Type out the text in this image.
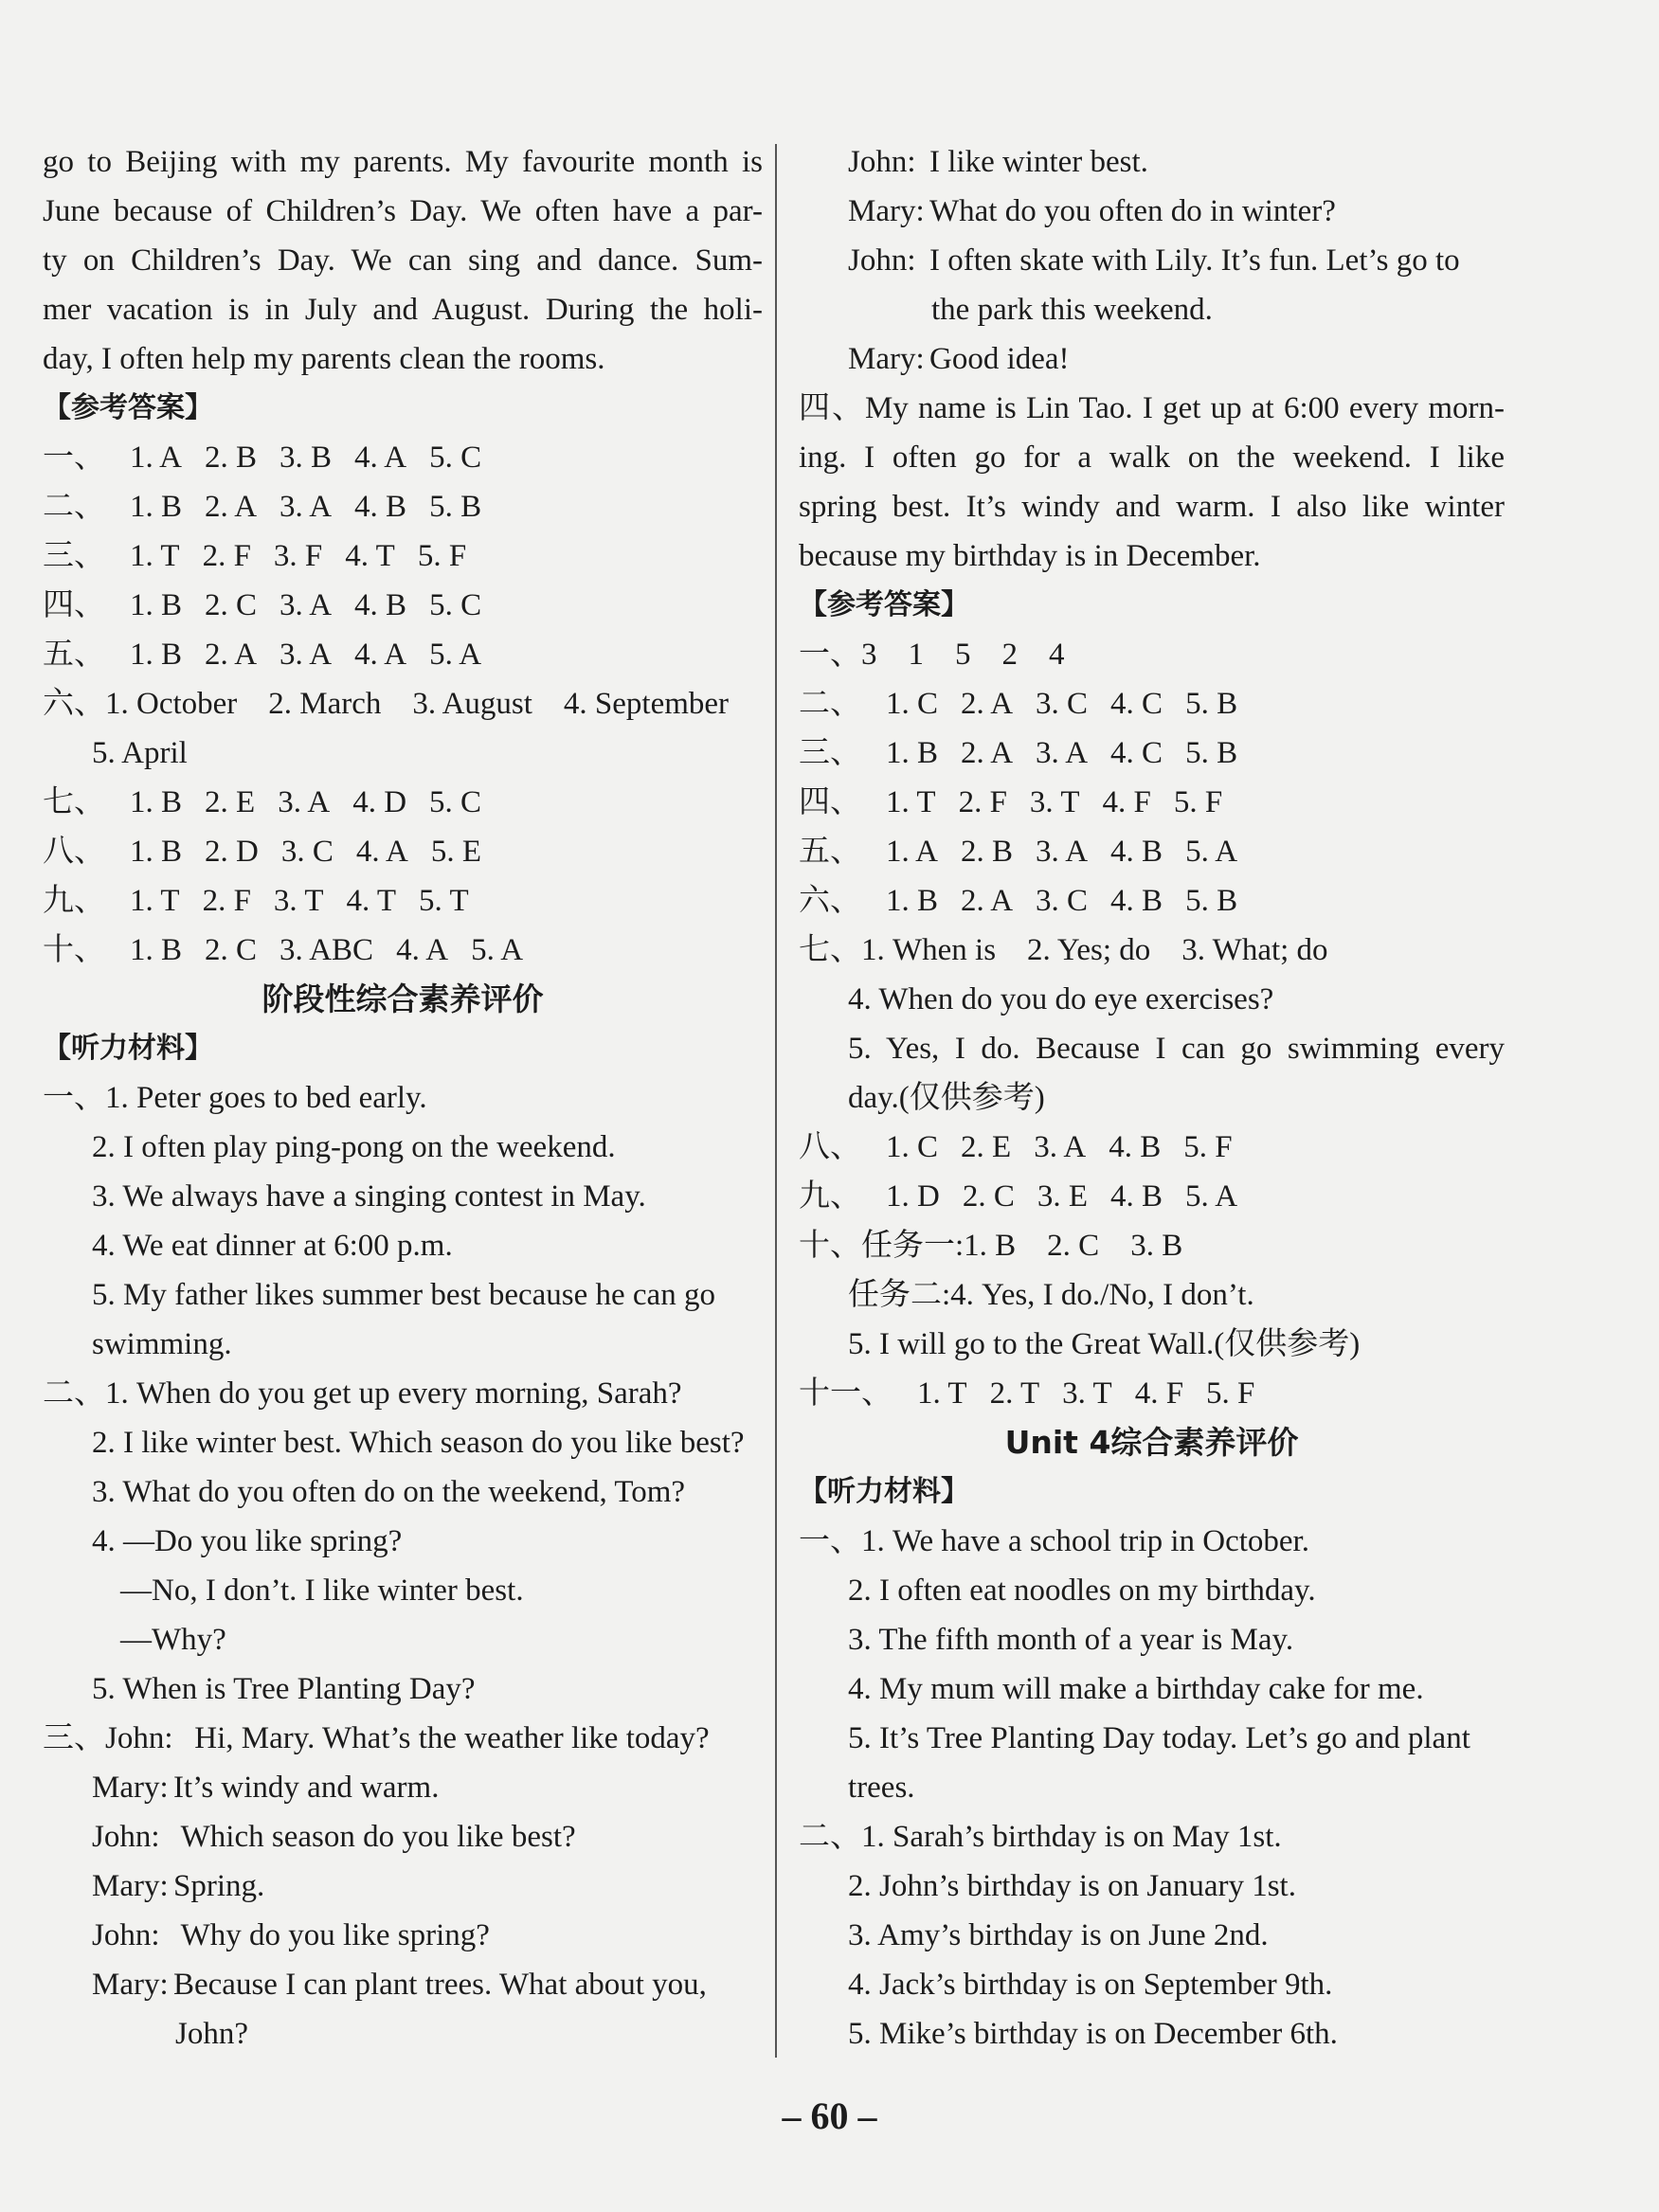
go to Beijing with my parents. My favourite month is
June because of Children’s Day. We often have a par-
ty on Children’s Day. We can sing and dance. Sum-
mer vacation is in July and August. During the holi-
day, I often help my parents clean the rooms.
【参考答案】
一、 1. A 2. B 3. B 4. A 5. C
二、 1. B 2. A 3. A 4. B 5. B
三、 1. T 2. F 3. F 4. T 5. F
四、 1. B 2. C 3. A 4. B 5. C
五、 1. B 2. A 3. A 4. A 5. A
六、1. October    2. March    3. August    4. September
5. April
七、 1. B 2. E 3. A 4. D 5. C
八、 1. B 2. D 3. C 4. A 5. E
九、 1. T 2. F 3. T 4. T 5. T
十、 1. B 2. C 3. ABC 4. A 5. A
阶段性综合素养评价
【听力材料】
一、1. Peter goes to bed early.
2. I often play ping-pong on the weekend.
3. We always have a singing contest in May.
4. We eat dinner at 6:00 p.m.
5. My father likes summer best because he can go
swimming.
二、1. When do you get up every morning, Sarah?
2. I like winter best. Which season do you like best?
3. What do you often do on the weekend, Tom?
4. —Do you like spring?
—No, I don’t. I like winter best.
—Why?
5. When is Tree Planting Day?
三、John: Hi, Mary. What’s the weather like today?
Mary: It’s windy and warm.
John: Which season do you like best?
Mary: Spring.
John: Why do you like spring?
Mary: Because I can plant trees. What about you,
John?
John: I like winter best.
Mary: What do you often do in winter?
John: I often skate with Lily. It’s fun. Let’s go to
the park this weekend.
Mary: Good idea!
四、My name is Lin Tao. I get up at 6:00 every morn-
ing. I often go for a walk on the weekend. I like
spring best. It’s windy and warm. I also like winter
because my birthday is in December.
【参考答案】
一、3    1    5    2    4
二、 1. C 2. A 3. C 4. C 5. B
三、 1. B 2. A 3. A 4. C 5. B
四、 1. T 2. F 3. T 4. F 5. F
五、 1. A 2. B 3. A 4. B 5. A
六、 1. B 2. A 3. C 4. B 5. B
七、1. When is    2. Yes; do    3. What; do
4. When do you do eye exercises?
5. Yes, I do. Because I can go swimming every
day.(仅供参考)
八、 1. C 2. E 3. A 4. B 5. F
九、 1. D 2. C 3. E 4. B 5. A
十、任务一:1. B    2. C    3. B
任务二:4. Yes, I do./No, I don’t.
5. I will go to the Great Wall.(仅供参考)
十一、 1. T 2. T 3. T 4. F 5. F
Unit 4综合素养评价
【听力材料】
一、1. We have a school trip in October.
2. I often eat noodles on my birthday.
3. The fifth month of a year is May.
4. My mum will make a birthday cake for me.
5. It’s Tree Planting Day today. Let’s go and plant
trees.
二、1. Sarah’s birthday is on May 1st.
2. John’s birthday is on January 1st.
3. Amy’s birthday is on June 2nd.
4. Jack’s birthday is on September 9th.
5. Mike’s birthday is on December 6th.
– 60 –
